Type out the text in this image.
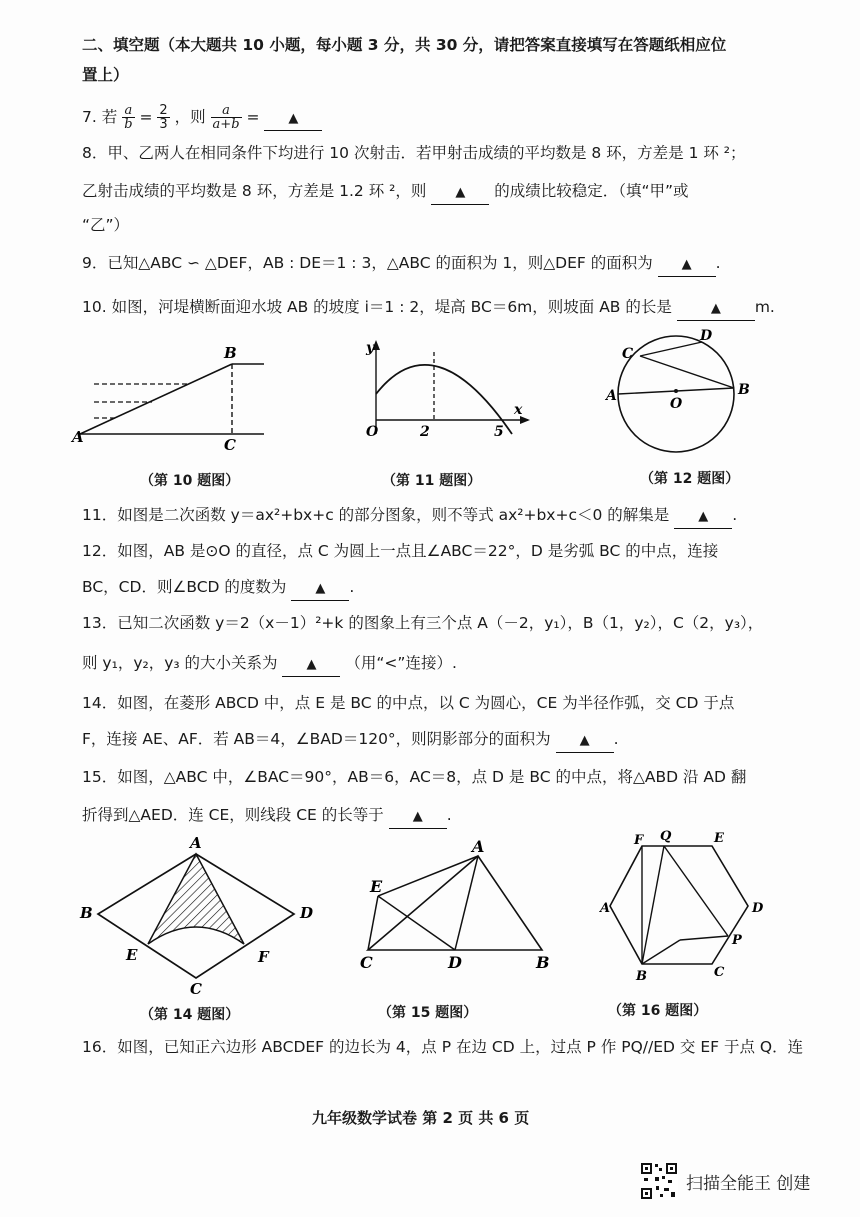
二、填空题（本大题共 10 小题，每小题 3 分，共 30 分，请把答案直接填写在答题纸相应位
置上）
7. 若 $\frac{a}{b} = \frac{2}{3}$ ，则 $\frac{a}{a+b}$ = ▲
8．甲、乙两人在相同条件下均进行 10 次射击．若甲射击成绩的平均数是 8 环，方差是 1 环 ²；
乙射击成绩的平均数是 8 环，方差是 1.2 环 ²，则 ▲ 的成绩比较稳定．（填“甲”或
“乙”）
9．已知△ABC ∽ △DEF，AB : DE＝1 : 3，△ABC 的面积为 1，则△DEF 的面积为 ▲ .
10. 如图，河堤横断面迎水坡 AB 的坡度 i＝1 : 2，堤高 BC＝6m，则坡面 AB 的长是	▲ m.
A
B
C
y
x
O	2	5
A	B
C
D
O
（第 10 题图）	（第 11 题图）	（第 12 题图）
11．如图是二次函数 y＝ax²+bx+c 的部分图象，则不等式 ax²+bx+c＜0 的解集是 ▲ .
12．如图，AB 是⊙O 的直径，点 C 为圆上一点且∠ABC＝22°，D 是劣弧 BC 的中点，连接
BC，CD．则∠BCD 的度数为 ▲ .
13．已知二次函数 y＝2（x－1）²+k 的图象上有三个点 A（－2，y₁），B（1，y₂），C（2，y₃），
则 y₁，y₂，y₃ 的大小关系为 ▲ （用“<”连接）.
14．如图，在菱形 ABCD 中，点 E 是 BC 的中点，以 C 为圆心，CE 为半径作弧，交 CD 于点
F，连接 AE、AF．若 AB＝4，∠BAD＝120°，则阴影部分的面积为 ▲ .
15．如图，△ABC 中，∠BAC＝90°，AB＝6，AC＝8，点 D 是 BC 的中点，将△ABD 沿 AD 翻
折得到△AED．连 CE，则线段 CE 的长等于 ▲ .
A
B
C
D
E	F
A
B
C	D
E
A
B	C
D
E
F
P
Q
（第 14 题图）	（第 15 题图）	（第 16 题图）
16．如图，已知正六边形 ABCDEF 的边长为 4，点 P 在边 CD 上，过点 P 作 PQ//ED 交 EF 于点 Q．连
九年级数学试卷 第 2 页 共 6 页
扫描全能王 创建
